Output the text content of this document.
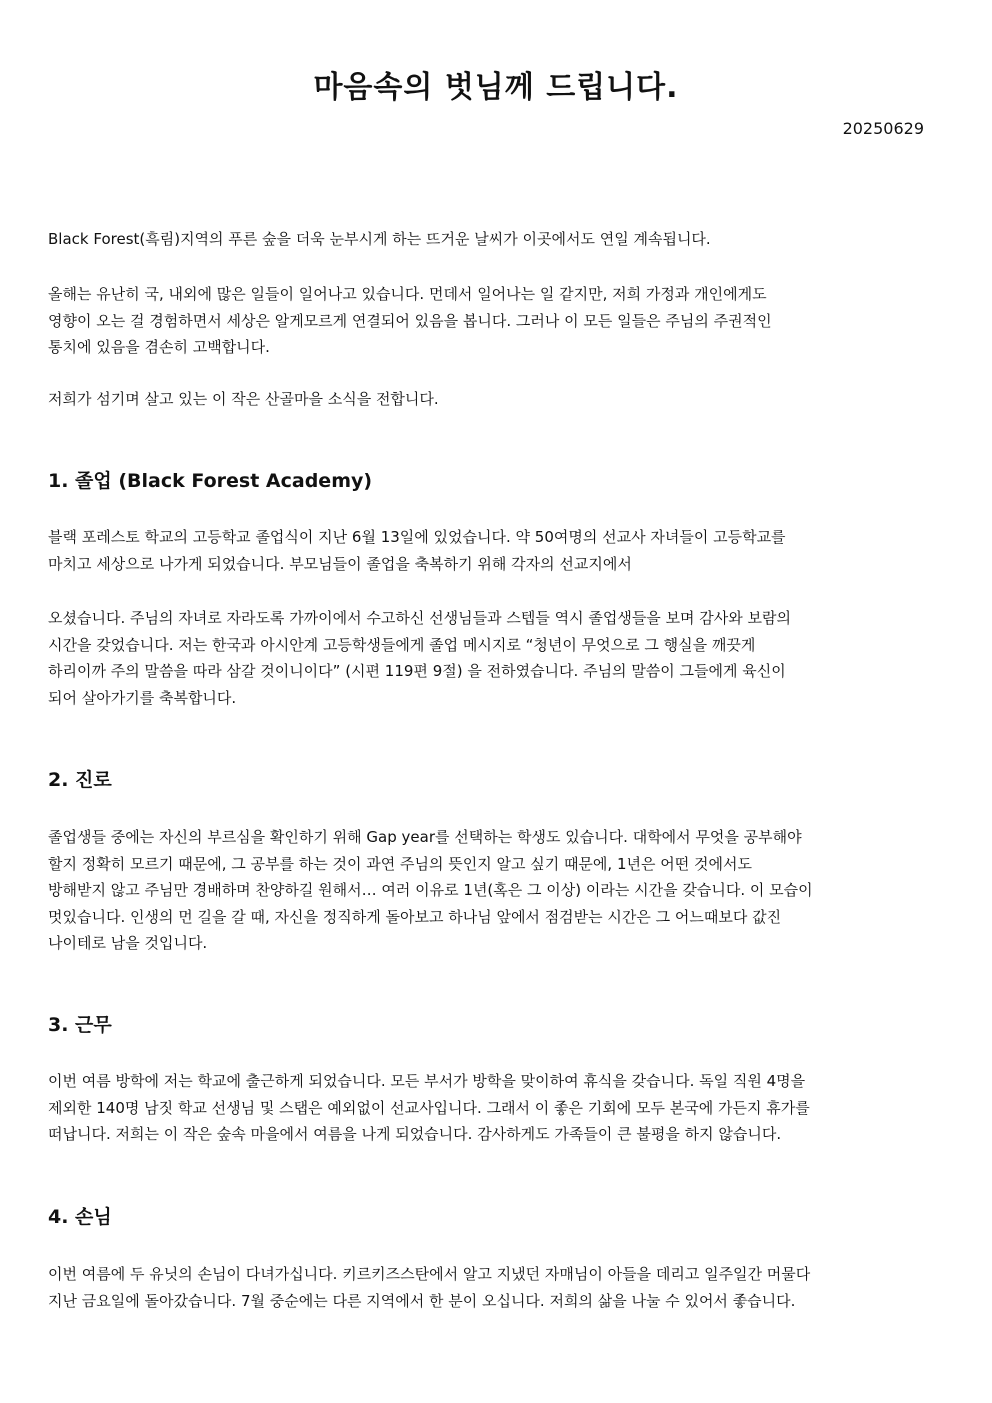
마음속의 벗님께 드립니다.
20250629

Black Forest(흑림)지역의 푸른 숲을 더욱 눈부시게 하는 뜨거운 날씨가 이곳에서도 연일 계속됩니다.

올해는 유난히 국, 내외에 많은 일들이 일어나고 있습니다. 먼데서 일어나는 일 같지만, 저희 가정과 개인에게도
영향이 오는 걸 경험하면서 세상은 알게모르게 연결되어 있음을 봅니다. 그러나 이 모든 일들은 주님의 주권적인
통치에 있음을 겸손히 고백합니다.

저희가 섬기며 살고 있는 이 작은 산골마을 소식을 전합니다.

1. 졸업 (Black Forest Academy)

블랙 포레스토 학교의 고등학교 졸업식이 지난 6월 13일에 있었습니다. 약 50여명의 선교사 자녀들이 고등학교를
마치고 세상으로 나가게 되었습니다. 부모님들이 졸업을 축복하기 위해 각자의 선교지에서

오셨습니다. 주님의 자녀로 자라도록 가까이에서 수고하신 선생님들과 스텝들 역시 졸업생들을 보며 감사와 보람의
시간을 갖었습니다. 저는 한국과 아시안계 고등학생들에게 졸업 메시지로 “청년이 무엇으로 그 행실을 깨끗게
하리이까 주의 말씀을 따라 삼갈 것이니이다” (시편 119편 9절) 을 전하였습니다. 주님의 말씀이 그들에게 육신이
되어 살아가기를 축복합니다.

2. 진로

졸업생들 중에는 자신의 부르심을 확인하기 위해 Gap year를 선택하는 학생도 있습니다. 대학에서 무엇을 공부해야
할지 정확히 모르기 때문에, 그 공부를 하는 것이 과연 주님의 뜻인지 알고 싶기 때문에, 1년은 어떤 것에서도
방해받지 않고 주님만 경배하며 찬양하길 원해서… 여러 이유로 1년(혹은 그 이상) 이라는 시간을 갖습니다. 이 모습이
멋있습니다. 인생의 먼 길을 갈 때, 자신을 정직하게 돌아보고 하나님 앞에서 점검받는 시간은 그 어느때보다 값진
나이테로 남을 것입니다.

3. 근무

이번 여름 방학에 저는 학교에 출근하게 되었습니다. 모든 부서가 방학을 맞이하여 휴식을 갖습니다. 독일 직원 4명을
제외한 140명 남짓 학교 선생님 및 스탭은 예외없이 선교사입니다. 그래서 이 좋은 기회에 모두 본국에 가든지 휴가를
떠납니다. 저희는 이 작은 숲속 마을에서 여름을 나게 되었습니다. 감사하게도 가족들이 큰 불평을 하지 않습니다.

4. 손님

이번 여름에 두 유닛의 손님이 다녀가십니다. 키르키즈스탄에서 알고 지냈던 자매님이 아들을 데리고 일주일간 머물다
지난 금요일에 돌아갔습니다. 7월 중순에는 다른 지역에서 한 분이 오십니다. 저희의 삶을 나눌 수 있어서 좋습니다.
